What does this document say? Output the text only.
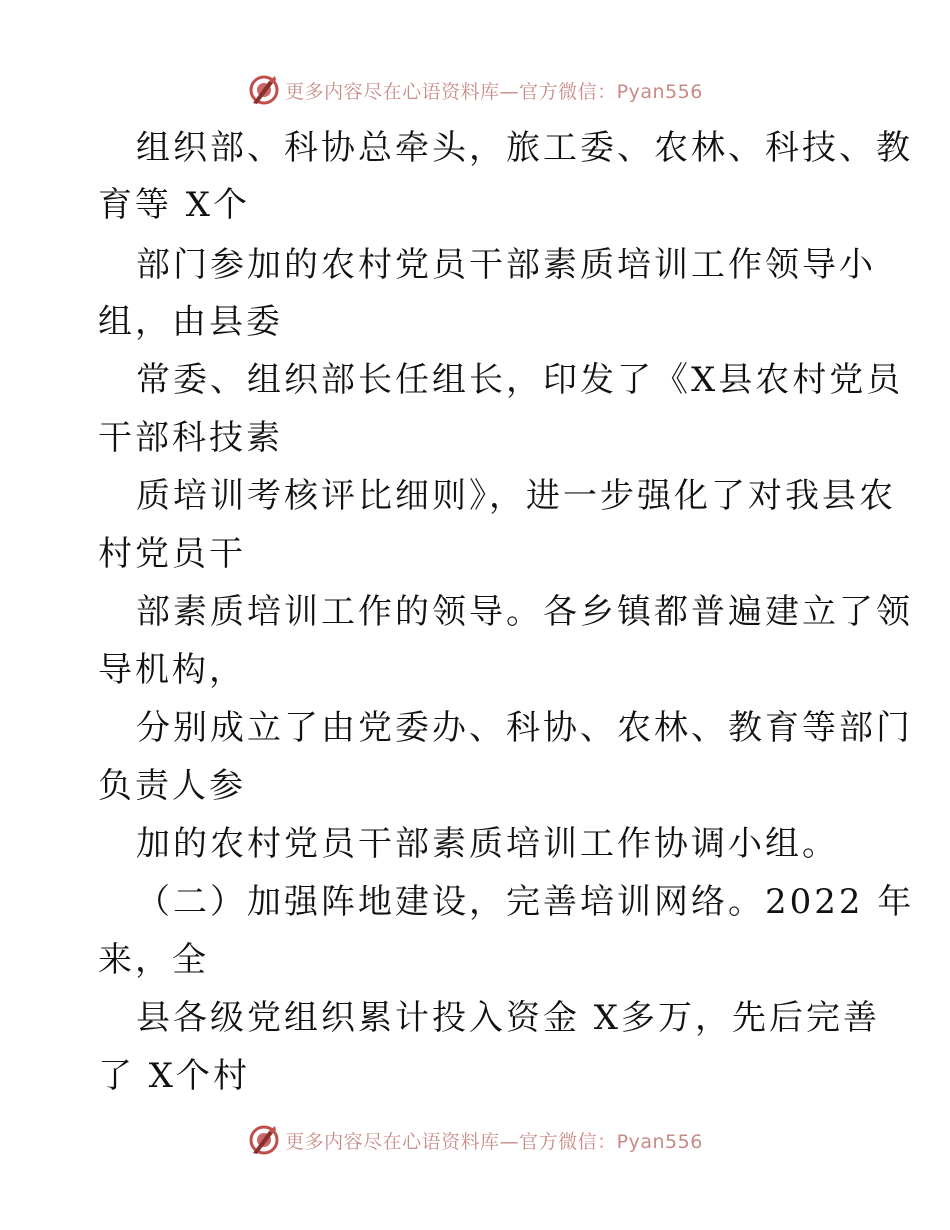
更多内容尽在心语资料库—官方微信：Pyan556
组织部、科协总牵头，旅工委、农林、科技、教
育等 X个
部门参加的农村党员干部素质培训工作领导小
组，由县委
常委、组织部长任组长，印发了《X县农村党员
干部科技素
质培训考核评比细则》，进一步强化了对我县农
村党员干
部素质培训工作的领导。各乡镇都普遍建立了领
导机构，
分别成立了由党委办、科协、农林、教育等部门
负责人参
加的农村党员干部素质培训工作协调小组。
（二）加强阵地建设，完善培训网络。2022 年
来，全
县各级党组织累计投入资金 X多万，先后完善
了 X个村
更多内容尽在心语资料库—官方微信：Pyan556
